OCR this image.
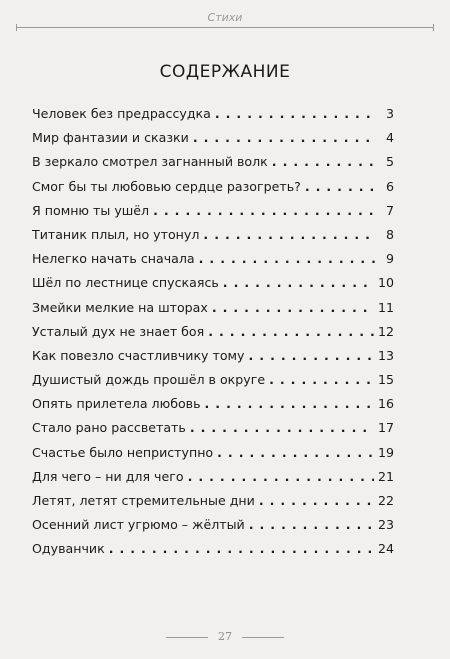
Стихи
СОДЕРЖАНИЕ
Человек без предрассудка .....	3
Мир фантазии и сказки .....	4
В зеркало смотрел загнанный волк .....	5
Смог бы ты любовью сердце разогреть? .....	6
Я помню ты ушёл .....	7
Титаник плыл, но утонул .....	8
Нелегко начать сначала .....	9
Шёл по лестнице спускаясь .....	10
Змейки мелкие на шторах .....	11
Усталый дух не знает боя .....	12
Как повезло счастливчику тому .....	13
Душистый дождь прошёл в округе .....	15
Опять прилетела любовь .....	16
Стало рано рассветать .....	17
Счастье было неприступно .....	19
Для чего – ни для чего .....	21
Летят, летят стремительные дни .....	22
Осенний лист угрюмо – жёлтый .....	23
Одуванчик .....	24
27
